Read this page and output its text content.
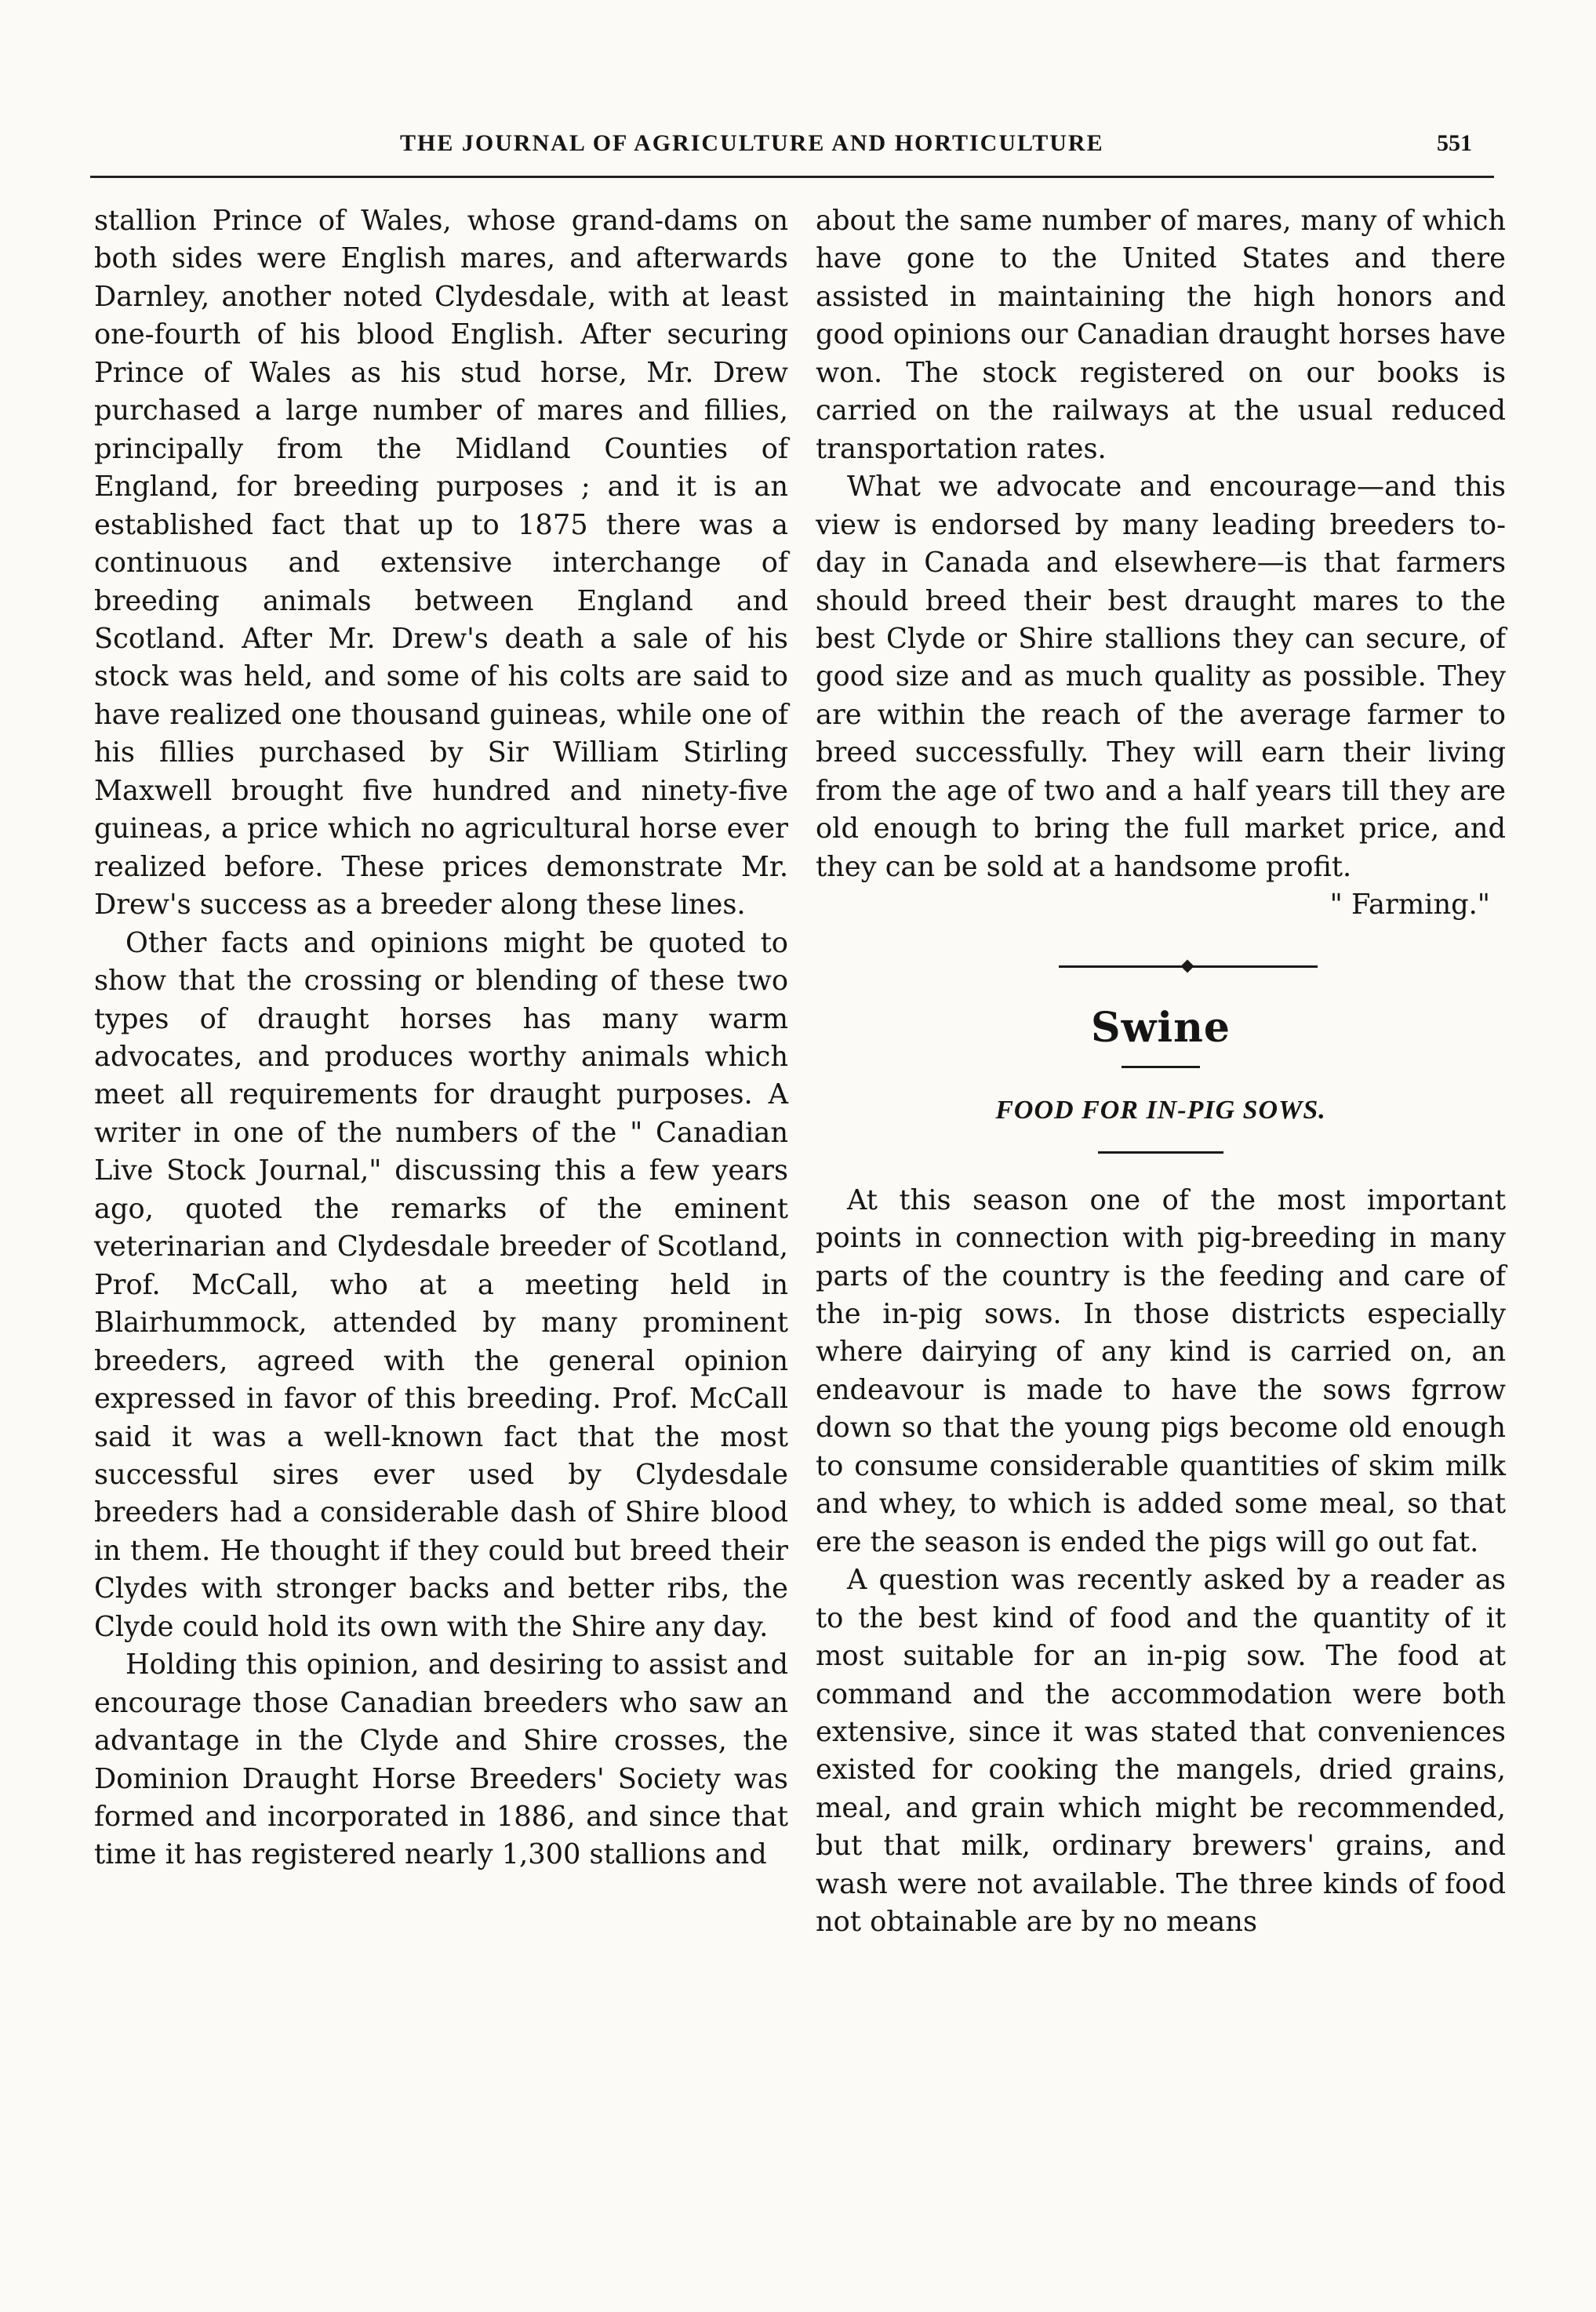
THE JOURNAL OF AGRICULTURE AND HORTICULTURE	551

stallion Prince of Wales, whose grand-dams on both sides were English mares, and afterwards Darnley, another noted Clydesdale, with at least one-fourth of his blood English. After securing Prince of Wales as his stud horse, Mr. Drew purchased a large number of mares and fillies, principally from the Midland Counties of England, for breeding purposes ; and it is an established fact that up to 1875 there was a continuous and extensive interchange of breeding animals between England and Scotland. After Mr. Drew's death a sale of his stock was held, and some of his colts are said to have realized one thousand guineas, while one of his fillies purchased by Sir William Stirling Maxwell brought five hundred and ninety-five guineas, a price which no agricultural horse ever realized before. These prices demonstrate Mr. Drew's success as a breeder along these lines.

Other facts and opinions might be quoted to show that the crossing or blending of these two types of draught horses has many warm advocates, and produces worthy animals which meet all requirements for draught purposes. A writer in one of the numbers of the " Canadian Live Stock Journal," discussing this a few years ago, quoted the remarks of the eminent veterinarian and Clydesdale breeder of Scotland, Prof. McCall, who at a meeting held in Blairhummock, attended by many prominent breeders, agreed with the general opinion expressed in favor of this breeding. Prof. McCall said it was a well-known fact that the most successful sires ever used by Clydesdale breeders had a considerable dash of Shire blood in them. He thought if they could but breed their Clydes with stronger backs and better ribs, the Clyde could hold its own with the Shire any day.

Holding this opinion, and desiring to assist and encourage those Canadian breeders who saw an advantage in the Clyde and Shire crosses, the Dominion Draught Horse Breeders' Society was formed and incorporated in 1886, and since that time it has registered nearly 1,300 stallions and

about the same number of mares, many of which have gone to the United States and there assisted in maintaining the high honors and good opinions our Canadian draught horses have won. The stock registered on our books is carried on the railways at the usual reduced transportation rates.

What we advocate and encourage—and this view is endorsed by many leading breeders to-day in Canada and elsewhere—is that farmers should breed their best draught mares to the best Clyde or Shire stallions they can secure, of good size and as much quality as possible. They are within the reach of the average farmer to breed successfully. They will earn their living from the age of two and a half years till they are old enough to bring the full market price, and they can be sold at a handsome profit.

" Farming."

Swine
FOOD FOR IN-PIG SOWS.

At this season one of the most important points in connection with pig-breeding in many parts of the country is the feeding and care of the in-pig sows. In those districts especially where dairying of any kind is carried on, an endeavour is made to have the sows fgrrow down so that the young pigs become old enough to consume considerable quantities of skim milk and whey, to which is added some meal, so that ere the season is ended the pigs will go out fat.

A question was recently asked by a reader as to the best kind of food and the quantity of it most suitable for an in-pig sow. The food at command and the accommodation were both extensive, since it was stated that conveniences existed for cooking the mangels, dried grains, meal, and grain which might be recommended, but that milk, ordinary brewers' grains, and wash were not available. The three kinds of food not obtainable are by no means
